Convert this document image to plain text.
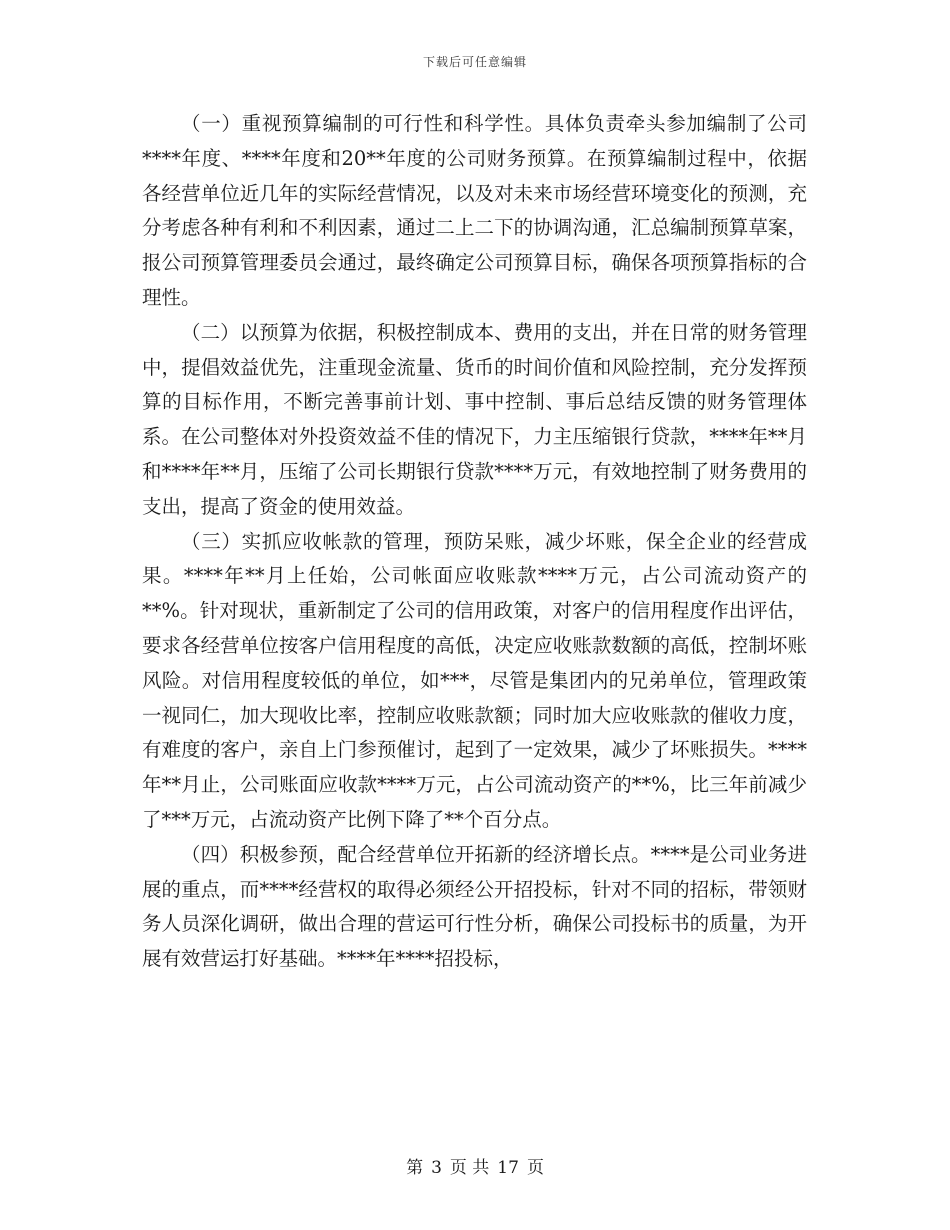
下载后可任意编辑

（一）重视预算编制的可行性和科学性。具体负责牵头参加编制了公司****年度、****年度和20**年度的公司财务预算。在预算编制过程中，依据各经营单位近几年的实际经营情况，以及对未来市场经营环境变化的预测，充分考虑各种有利和不利因素，通过二上二下的协调沟通，汇总编制预算草案，报公司预算管理委员会通过，最终确定公司预算目标，确保各项预算指标的合理性。

（二）以预算为依据，积极控制成本、费用的支出，并在日常的财务管理中，提倡效益优先，注重现金流量、货币的时间价值和风险控制，充分发挥预算的目标作用，不断完善事前计划、事中控制、事后总结反馈的财务管理体系。在公司整体对外投资效益不佳的情况下，力主压缩银行贷款，****年**月和****年**月，压缩了公司长期银行贷款****万元，有效地控制了财务费用的支出，提高了资金的使用效益。

（三）实抓应收帐款的管理，预防呆账，减少坏账，保全企业的经营成果。****年**月上任始，公司帐面应收账款****万元，占公司流动资产的**%。针对现状，重新制定了公司的信用政策，对客户的信用程度作出评估，要求各经营单位按客户信用程度的高低，决定应收账款数额的高低，控制坏账风险。对信用程度较低的单位，如***，尽管是集团内的兄弟单位，管理政策一视同仁，加大现收比率，控制应收账款额；同时加大应收账款的催收力度，有难度的客户，亲自上门参预催讨，起到了一定效果，减少了坏账损失。****年**月止，公司账面应收款****万元，占公司流动资产的**%，比三年前减少了***万元，占流动资产比例下降了**个百分点。

（四）积极参预，配合经营单位开拓新的经济增长点。****是公司业务进展的重点，而****经营权的取得必须经公开招投标，针对不同的招标，带领财务人员深化调研，做出合理的营运可行性分析，确保公司投标书的质量，为开展有效营运打好基础。****年****招投标，

第 3 页 共 17 页
